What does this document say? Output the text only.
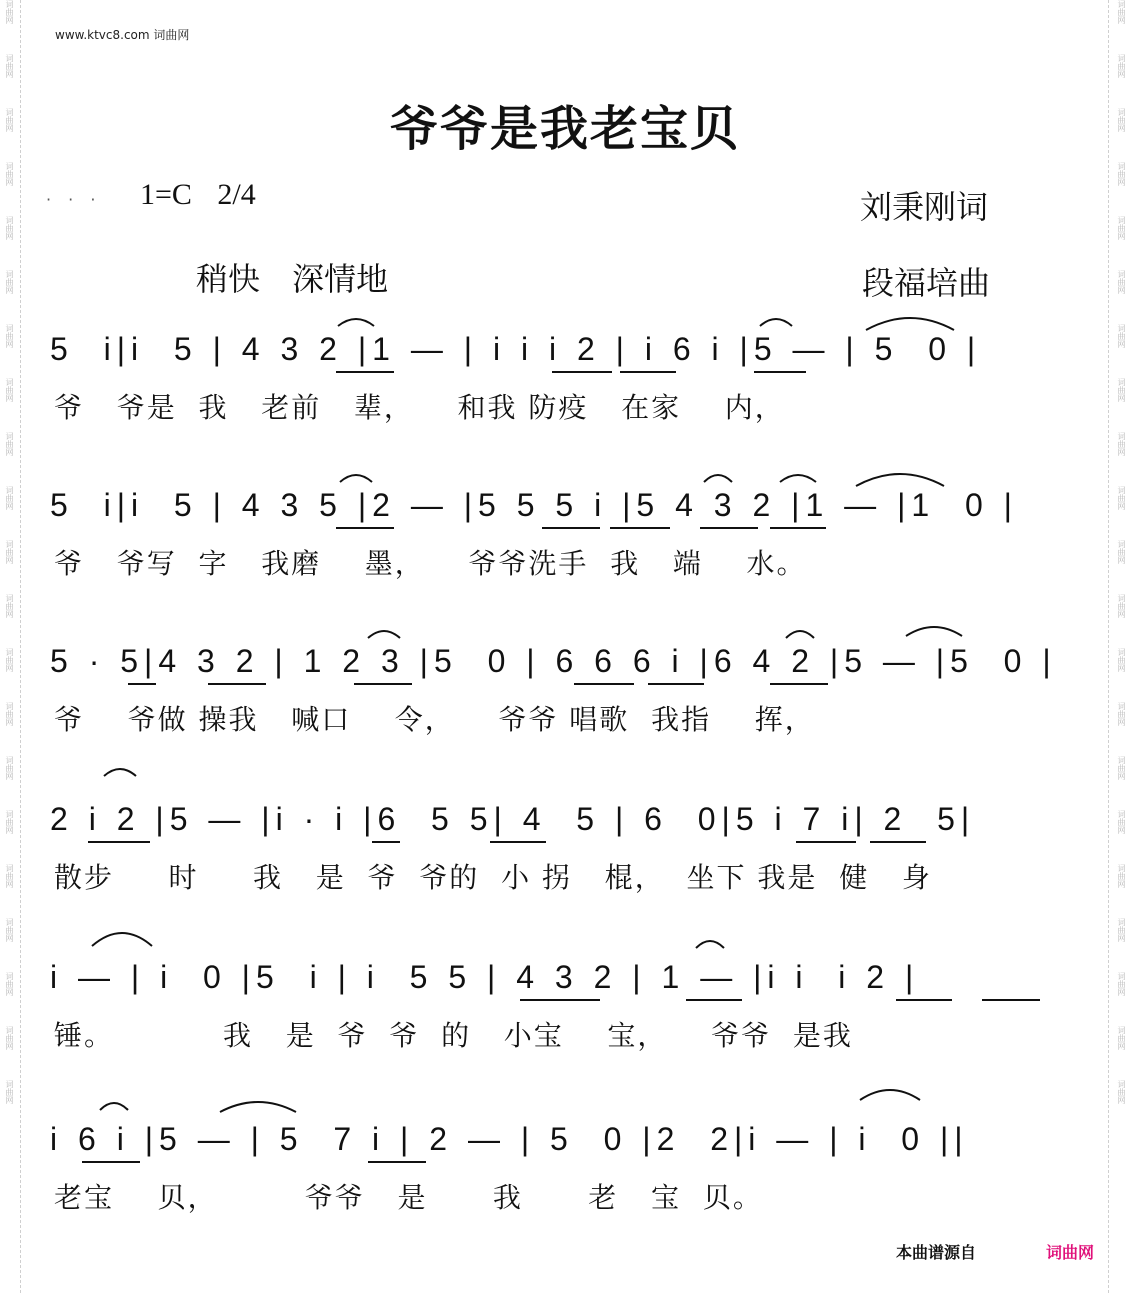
词曲网
词曲网
词曲网
词曲网
词曲网
词曲网
词曲网
词曲网
词曲网
词曲网
词曲网
词曲网
词曲网
词曲网
词曲网
词曲网
词曲网
词曲网
词曲网
词曲网
词曲网
词曲网
词曲网
词曲网
词曲网
词曲网
词曲网
词曲网
词曲网
词曲网
词曲网
词曲网
词曲网
词曲网
词曲网
词曲网
词曲网
词曲网
词曲网
词曲网
词曲网
词曲网
www.ktvc8.com 词曲网
爷爷是我老宝贝
· · · 1=C 2/4
稍快 深情地
刘秉刚词
段福培曲
5  i|i  5 | 4 3 2 |1 — | i i i 2 | i 6 i |5 — | 5  0 |
爷   爷是  我   老前   辈，    和我 防疫   在家    内，
5  i|i  5 | 4 3 5 |2 — |5 5 5 i |5 4 3 2 |1 — |1  0 |
爷   爷写  字   我磨    墨，    爷爷洗手  我   端    水。
5 · 5|4 3 2 | 1 2 3 |5  0 | 6 6 6 i |6 4 2 |5 — |5  0 |
爷    爷做 操我   喊口    令，    爷爷 唱歌  我指    挥，
2 i 2 |5 — |i · i |6  5 5| 4  5 | 6  0|5 i 7 i| 2  5|
散步     时     我   是  爷  爷的  小 拐   棍，  坐下 我是  健   身
i — | i  0 |5  i | i  5 5 | 4 3 2 | 1 — |i i  i 2 |
锤。          我   是  爷  爷  的   小宝    宝，    爷爷  是我
i 6 i |5 — | 5  7 i | 2 — | 5  0 |2  2|i — | i  0 ||
老宝    贝，        爷爷   是      我      老   宝  贝。
本曲谱源自	词曲网
